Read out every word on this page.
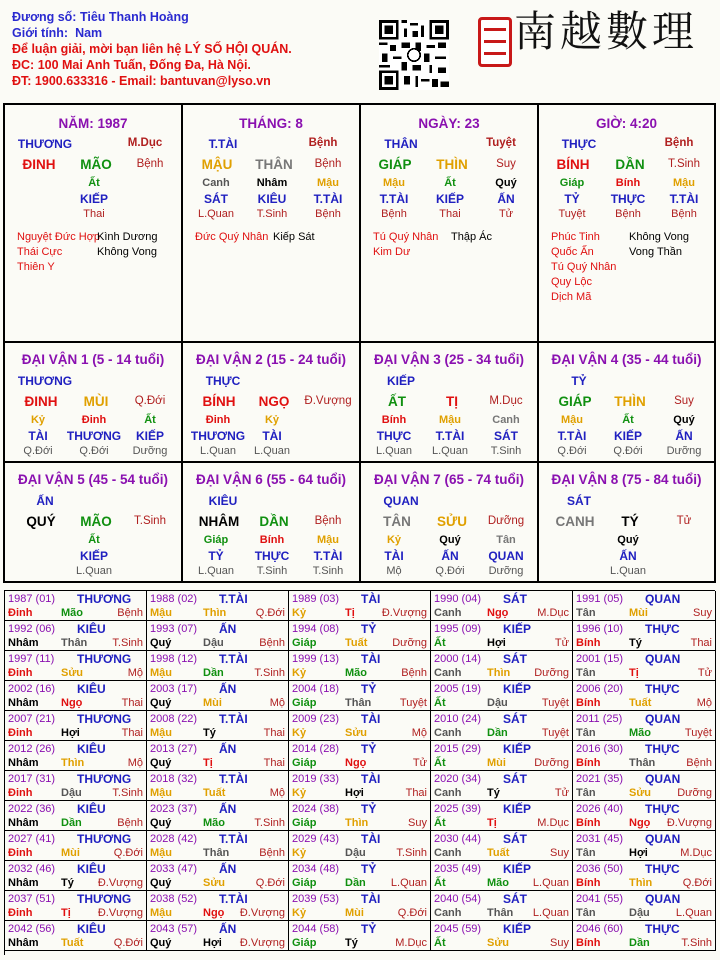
Đương số: Tiêu Thanh Hoàng
Giới tính: Nam
Để luận giải, mời bạn liên hệ LÝ SỐ HỘI QUÁN.
ĐC: 100 Mai Anh Tuấn, Đống Đa, Hà Nội.
ĐT: 1900.633316 - Email: bantuvan@lyso.vn
南越數理
NĂM: 1987
THƯƠNG	M.Dục
ĐINH	MÃO	Bệnh
Ất
KIẾP
Thai
Nguyệt Đức Hợp
Kình Dương
Thái Cực	Không Vong
Thiên Y
THÁNG: 8
T.TÀI	Bệnh
MẬU	THÂN	Bệnh
Canh
SÁT
L.Quan
Nhâm
KIÊU
T.Sinh
Mậu
T.TÀI
Bệnh
Đức Quý Nhân Kiếp Sát
NGÀY: 23
THÂN	Tuyệt
GIÁP	THÌN	Suy
Mậu
T.TÀI
Bệnh
Ất
KIẾP
Thai
Quý
ẤN
Tử
Tú Quý Nhân Thập Ác
Kim Dư
GIỜ: 4:20
THỰC	Bệnh
BÍNH	DẦN	T.Sinh
Giáp
TỶ
Tuyệt
Bính
THỰC
Bệnh
Mậu
T.TÀI
Bệnh
Phúc Tinh	Không Vong
Quốc Ấn	Vong Thần
Tú Quý Nhân
Quy Lộc
Dịch Mã
ĐẠI VẬN 1 (5 - 14 tuổi)
THƯƠNG
ĐINH	MÙI	Q.Đới
Kỷ
TÀI
Q.Đới
Đinh
THƯƠNG
Q.Đới
Ất
KIẾP
Dưỡng
ĐẠI VẬN 2 (15 - 24 tuổi)
THỰC
BÍNH	NGỌ	Đ.Vượng
Đinh
THƯƠNG
L.Quan
Kỷ
TÀI
L.Quan
ĐẠI VẬN 3 (25 - 34 tuổi)
KIẾP
ẤT	TỊ	M.Dục
Bính
THỰC
L.Quan
Mậu
T.TÀI
L.Quan
Canh
SÁT
T.Sinh
ĐẠI VẬN 4 (35 - 44 tuổi)
TỶ
GIÁP	THÌN	Suy
Mậu
T.TÀI
Q.Đới
Ất
KIẾP
Q.Đới
Quý
ẤN
Dưỡng
ĐẠI VẬN 5 (45 - 54 tuổi)
ẤN
QUÝ	MÃO	T.Sinh
Ất
KIẾP
L.Quan
ĐẠI VẬN 6 (55 - 64 tuổi)
KIÊU
NHÂM	DẦN	Bệnh
Giáp
TỶ
L.Quan
Bính
THỰC
T.Sinh
Mậu
T.TÀI
T.Sinh
ĐẠI VẬN 7 (65 - 74 tuổi)
QUAN
TÂN	SỬU	Dưỡng
Kỷ
TÀI
Mộ
Quý
ẤN
Q.Đới
Tân
QUAN
Dưỡng
ĐẠI VẬN 8 (75 - 84 tuổi)
SÁT
CANH	TÝ	Tử
Quý
ẤN
L.Quan
1987 (01) THƯƠNG
Đinh	Mão	Bệnh
1988 (02) T.TÀI
Mậu	Thìn	Q.Đới
1989 (03) TÀI
Kỷ	Tị Đ.Vượng
1990 (04) SÁT
Canh Ngọ	M.Dục
1991 (05) QUAN
Tân	Mùi	Suy
1992 (06) KIÊU
Nhâm Thân T.Sinh
1993 (07) ẤN
Quý	Dậu	Bệnh
1994 (08) TỶ
Giáp	Tuất Dưỡng
1995 (09) KIẾP
Ất	Hợi	Tử
1996 (10) THỰC
Bính	Tý	Thai
1997 (11) THƯƠNG
Đinh	Sửu	Mộ
1998 (12) T.TÀI
Mậu	Dần	T.Sinh
1999 (13) TÀI
Kỷ	Mão	Bệnh
2000 (14) SÁT
Canh Thìn Dưỡng
2001 (15) QUAN
Tân	Tị	Tử
2002 (16) KIÊU
Nhâm Ngọ	Thai
2003 (17) ẤN
Quý	Mùi	Mộ
2004 (18) TỶ
Giáp	Thân	Tuyệt
2005 (19) KIẾP
Ất	Dậu	Tuyệt
2006 (20) THỰC
Bính	Tuất	Mộ
2007 (21) THƯƠNG
Đinh	Hợi	Thai
2008 (22) T.TÀI
Mậu	Tý	Thai
2009 (23) TÀI
Kỷ	Sửu	Mộ
2010 (24) SÁT
Canh Dần	Tuyệt
2011 (25) QUAN
Tân	Mão	Tuyệt
2012 (26) KIÊU
Nhâm Thìn	Mộ
2013 (27) ẤN
Quý	Tị	Thai
2014 (28) TỶ
Giáp	Ngọ	Tử
2015 (29) KIẾP
Ất	Mùi	Dưỡng
2016 (30) THỰC
Bính	Thân	Bệnh
2017 (31) THƯƠNG
Đinh	Dậu	T.Sinh
2018 (32) T.TÀI
Mậu	Tuất	Mộ
2019 (33) TÀI
Kỷ	Hợi	Thai
2020 (34) SÁT
Canh Tý	Tử
2021 (35) QUAN
Tân	Sửu Dưỡng
2022 (36) KIÊU
Nhâm Dần	Bệnh
2023 (37) ẤN
Quý	Mão	T.Sinh
2024 (38) TỶ
Giáp	Thìn	Suy
2025 (39) KIẾP
Ất	Tị	M.Dục
2026 (40) THỰC
Bính	Ngọ Đ.Vượng
2027 (41) THƯƠNG
Đinh	Mùi	Q.Đới
2028 (42) T.TÀI
Mậu	Thân	Bệnh
2029 (43) TÀI
Kỷ	Dậu	T.Sinh
2030 (44) SÁT
Canh Tuất	Suy
2031 (45) QUAN
Tân	Hợi	M.Dục
2032 (46) KIÊU
Nhâm Tý Đ.Vượng
2033 (47) ẤN
Quý	Sửu	Q.Đới
2034 (48) TỶ
Giáp	Dần L.Quan
2035 (49) KIẾP
Ất	Mão L.Quan
2036 (50) THỰC
Bính	Thìn	Q.Đới
2037 (51) THƯƠNG
Đinh	Tị Đ.Vượng
2038 (52) T.TÀI
Mậu	Ngọ Đ.Vượng
2039 (53) TÀI
Kỷ	Mùi	Q.Đới
2040 (54) SÁT
Canh Thân L.Quan
2041 (55) QUAN
Tân	Dậu L.Quan
2042 (56) KIÊU
Nhâm Tuất	Q.Đới
2043 (57) ẤN
Quý	Hợi Đ.Vượng
2044 (58) TỶ
Giáp	Tý	M.Dục
2045 (59) KIẾP
Ất	Sửu	Suy
2046 (60) THỰC
Bính	Dần	T.Sinh
